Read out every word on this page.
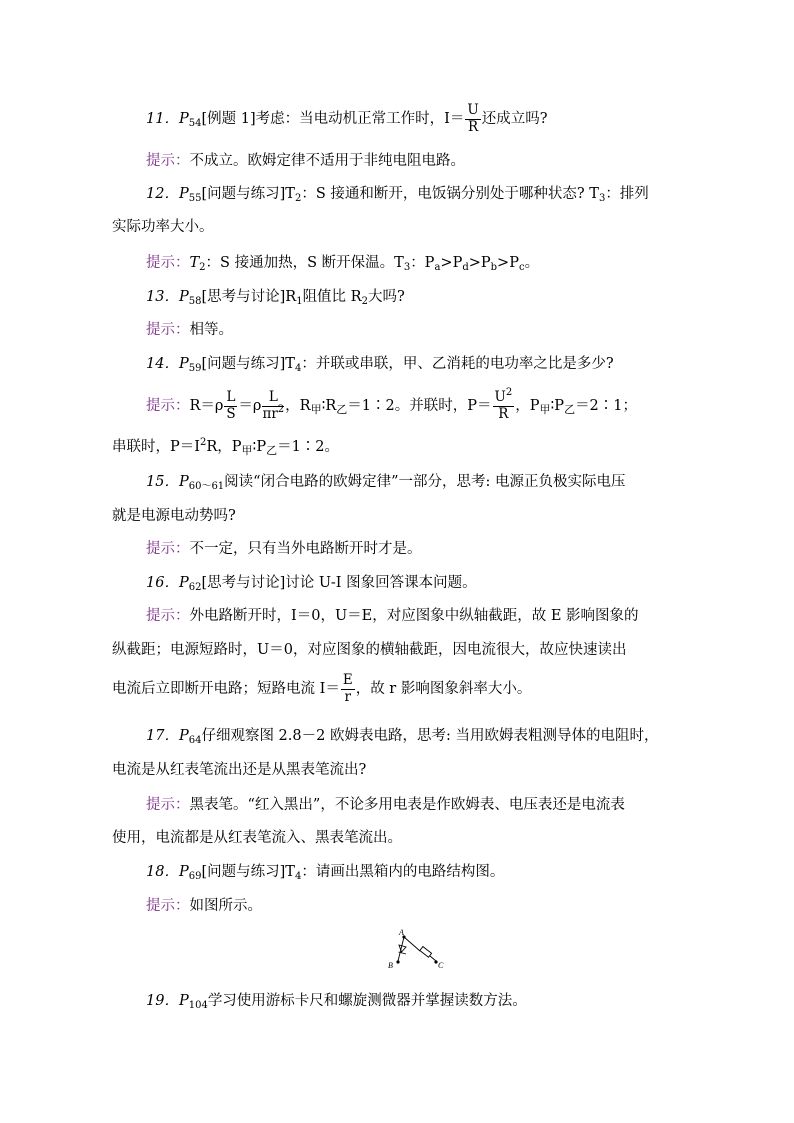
11．$P_{54}$[例题 1]考虑：当电动机正常工作时，$I= \frac{U}{R}$ 还成立吗?
提示：不成立。欧姆定律不适用于非纯电阻电路。
12．$P_{55}$[问题与练习]$T_2$：S 接通和断开，电饭锅分别处于哪种状态? $T_3$：排列
实际功率大小。
提示：$T_2$：S 接通加热，S 断开保温。$T_3$：$P_a>P_d>P_b>P_c$。
13．$P_{58}$[思考与讨论]$R_1$阻值比 $R_2$大吗?
提示：相等。
14．$P_{59}$[问题与练习]$T_4$：并联或串联，甲、乙消耗的电功率之比是多少?
提示：$R=\rho \frac{L}{S} =\rho \frac{L}{\pi r^2}$ ，$R_甲∶R_乙=1∶2$。并联时，$P= \frac{U^2}{R}$ ，$P_甲∶P_乙=2∶1$；
串联时，$P=I^2R$，$P_甲∶P_乙=1∶2$。
15．$P_{60\sim 61}$阅读“闭合电路的欧姆定律”一部分，思考: 电源正负极实际电压
就是电源电动势吗?
提示：不一定，只有当外电路断开时才是。
16．$P_{62}$[思考与讨论]讨论 U-I 图象回答课本问题。
提示：外电路断开时，I＝0，U＝E，对应图象中纵轴截距，故 E 影响图象的
纵截距；电源短路时，U＝0，对应图象的横轴截距，因电流很大，故应快速读出
电流后立即断开电路；短路电流 $I= \frac{E}{r}$ ，故 r 影响图象斜率大小。
17．$P_{64}$仔细观察图 2.8－2 欧姆表电路，思考: 当用欧姆表粗测导体的电阻时，
电流是从红表笔流出还是从黑表笔流出?
提示：黑表笔。“红入黑出”，不论多用电表是作欧姆表、电压表还是电流表
使用，电流都是从红表笔流入、黑表笔流出。
18．$P_{69}$[问题与练习]$T_4$：请画出黑箱内的电路结构图。
提示：如图所示。
A
B	C
19．$P_{104}$学习使用游标卡尺和螺旋测微器并掌握读数方法。
